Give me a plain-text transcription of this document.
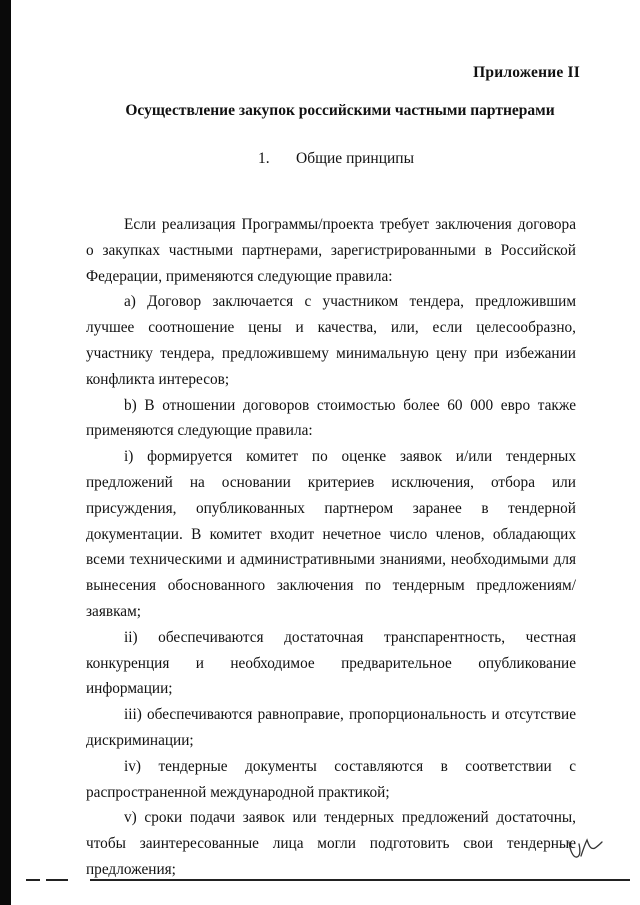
Приложение II
Осуществление закупок российскими частными партнерами
1. Общие принципы

Если реализация Программы/проекта требует заключения договора о закупках частными партнерами, зарегистрированными в Российской Федерации, применяются следующие правила:

а) Договор заключается с участником тендера, предложившим лучшее соотношение цены и качества, или, если целесообразно, участнику тендера, предложившему минимальную цену при избежании конфликта интересов;

b) В отношении договоров стоимостью более 60 000 евро также применяются следующие правила:

i) формируется комитет по оценке заявок и/или тендерных предложений на основании критериев исключения, отбора или присуждения, опубликованных партнером заранее в тендерной документации. В комитет входит нечетное число членов, обладающих всеми техническими и административными знаниями, необходимыми для вынесения обоснованного заключения по тендерным предложениям/заявкам;

ii) обеспечиваются достаточная транспарентность, честная конкуренция и необходимое предварительное опубликование информации;

iii) обеспечиваются равноправие, пропорциональность и отсутствие дискриминации;

iv) тендерные документы составляются в соответствии с распространенной международной практикой;

v) сроки подачи заявок или тендерных предложений достаточны, чтобы заинтересованные лица могли подготовить свои тендерные предложения;
